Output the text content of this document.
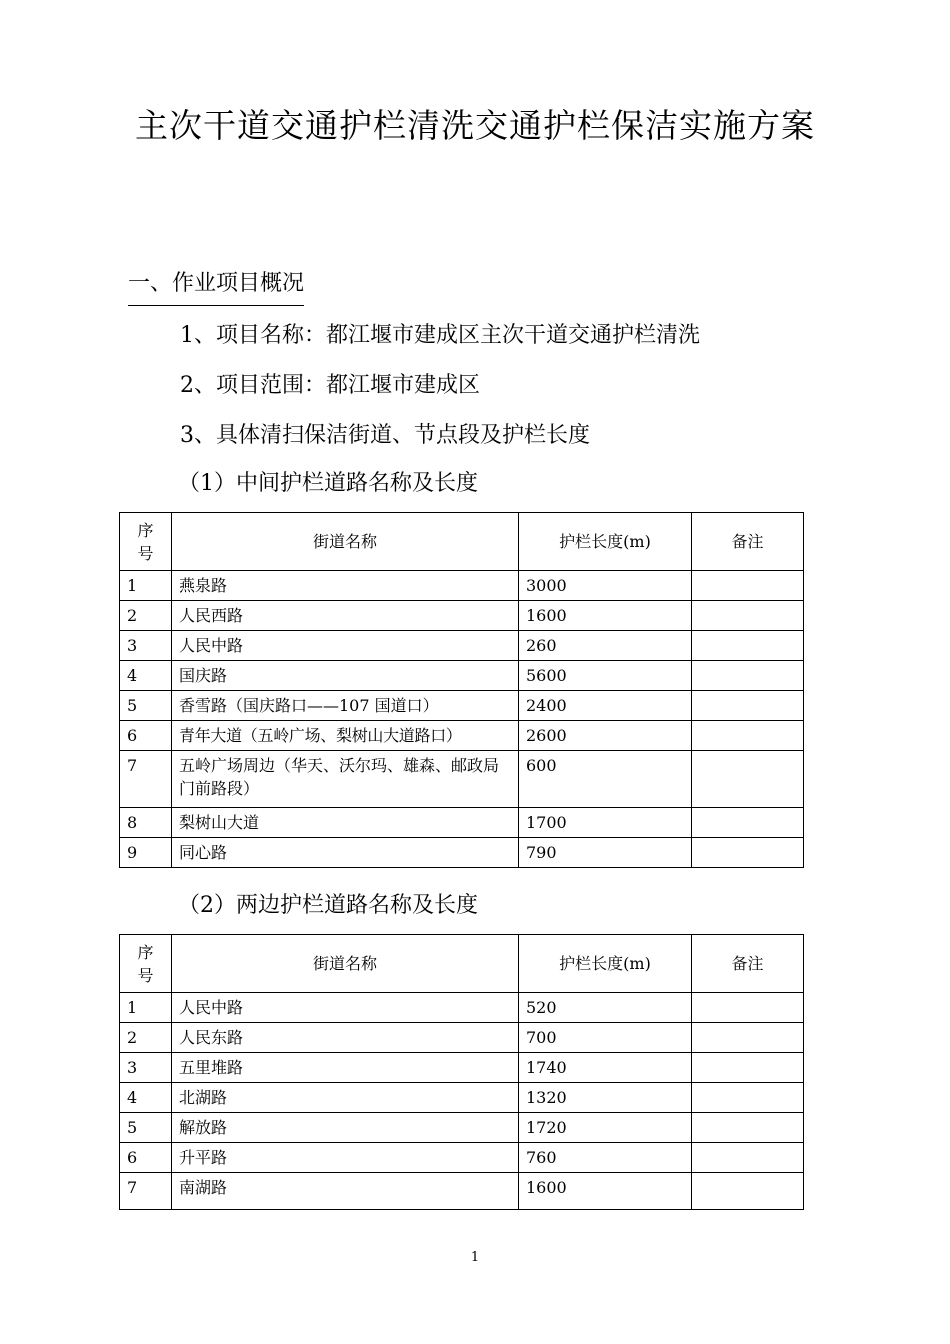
主次干道交通护栏清洗交通护栏保洁实施方案
一、作业项目概况

1、项目名称：都江堰市建成区主次干道交通护栏清洗

2、项目范围：都江堰市建成区

3、具体清扫保洁街道、节点段及护栏长度

（1）中间护栏道路名称及长度

序
号	街道名称	护栏长度(m)	备注
1	燕泉路	3000	
2	人民西路	1600	
3	人民中路	260	
4	国庆路	5600	
5	香雪路（国庆路口——107 国道口）	2400	
6	青年大道（五岭广场、梨树山大道路口）	2600	
7	五岭广场周边（华天、沃尔玛、雄森、邮政局门前路段）	600	
8	梨树山大道	1700	
9	同心路	790	

（2）两边护栏道路名称及长度

序
号	街道名称	护栏长度(m)	备注
1	人民中路	520	
2	人民东路	700	
3	五里堆路	1740	
4	北湖路	1320	
5	解放路	1720	
6	升平路	760	
7	南湖路	1600	
1
